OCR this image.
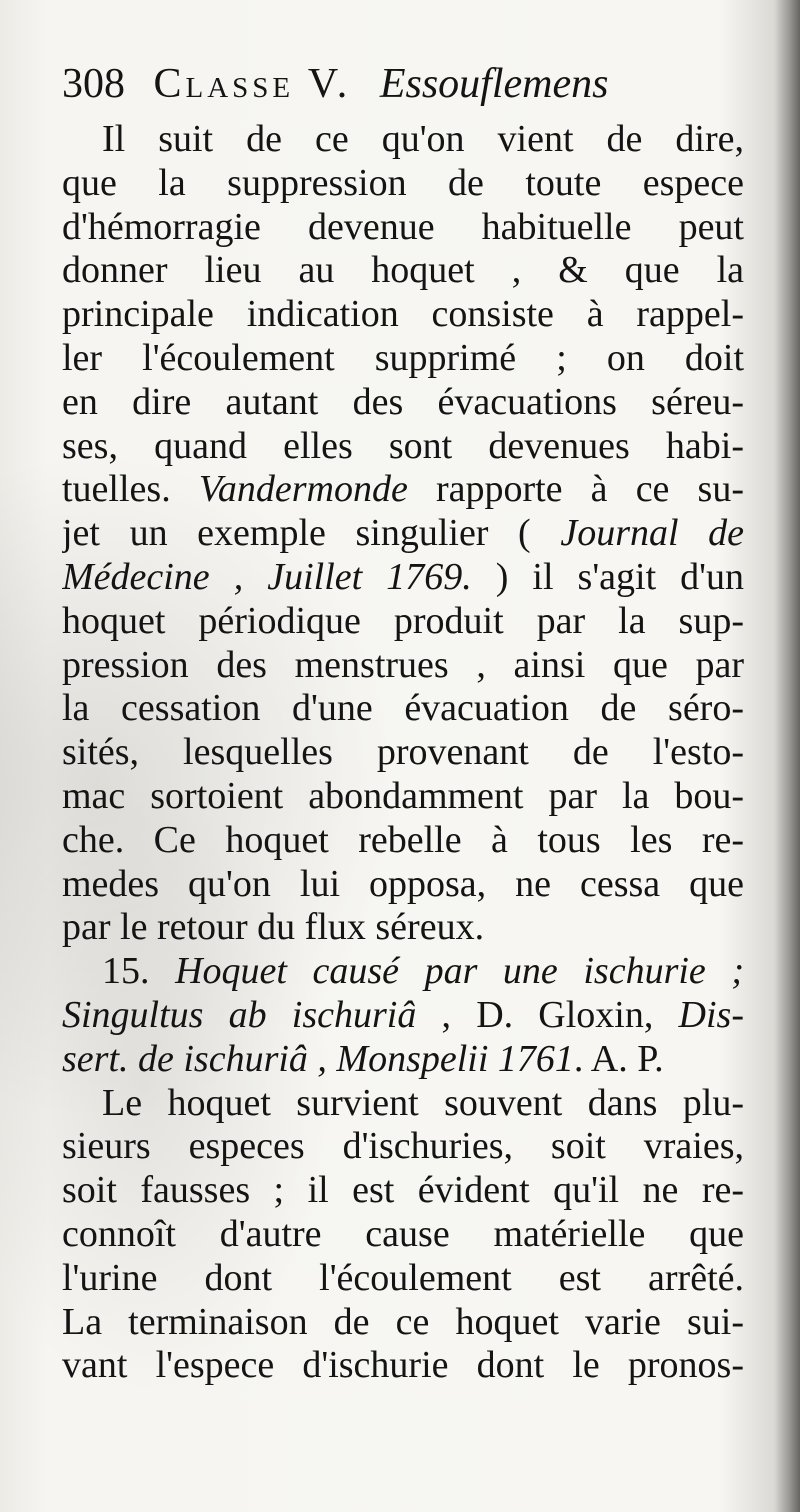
308 Classe V. Essouflemens
Il suit de ce qu'on vient de dire,
que la suppression de toute espece
d'hémorragie devenue habituelle peut
donner lieu au hoquet , & que la
principale indication consiste à rappel-
ler l'écoulement supprimé ; on doit
en dire autant des évacuations séreu-
ses, quand elles sont devenues habi-
tuelles. Vandermonde rapporte à ce su-
jet un exemple singulier ( Journal de
Médecine , Juillet 1769. ) il s'agit d'un
hoquet périodique produit par la sup-
pression des menstrues , ainsi que par
la cessation d'une évacuation de séro-
sités, lesquelles provenant de l'esto-
mac sortoient abondamment par la bou-
che. Ce hoquet rebelle à tous les re-
medes qu'on lui opposa, ne cessa que
par le retour du flux séreux.
15. Hoquet causé par une ischurie ;
Singultus ab ischuriâ , D. Gloxin, Dis-
sert. de ischuriâ , Monspelii 1761. A. P.
Le hoquet survient souvent dans plu-
sieurs especes d'ischuries, soit vraies,
soit fausses ; il est évident qu'il ne re-
connoît d'autre cause matérielle que
l'urine dont l'écoulement est arrêté.
La terminaison de ce hoquet varie sui-
vant l'espece d'ischurie dont le pronos-
